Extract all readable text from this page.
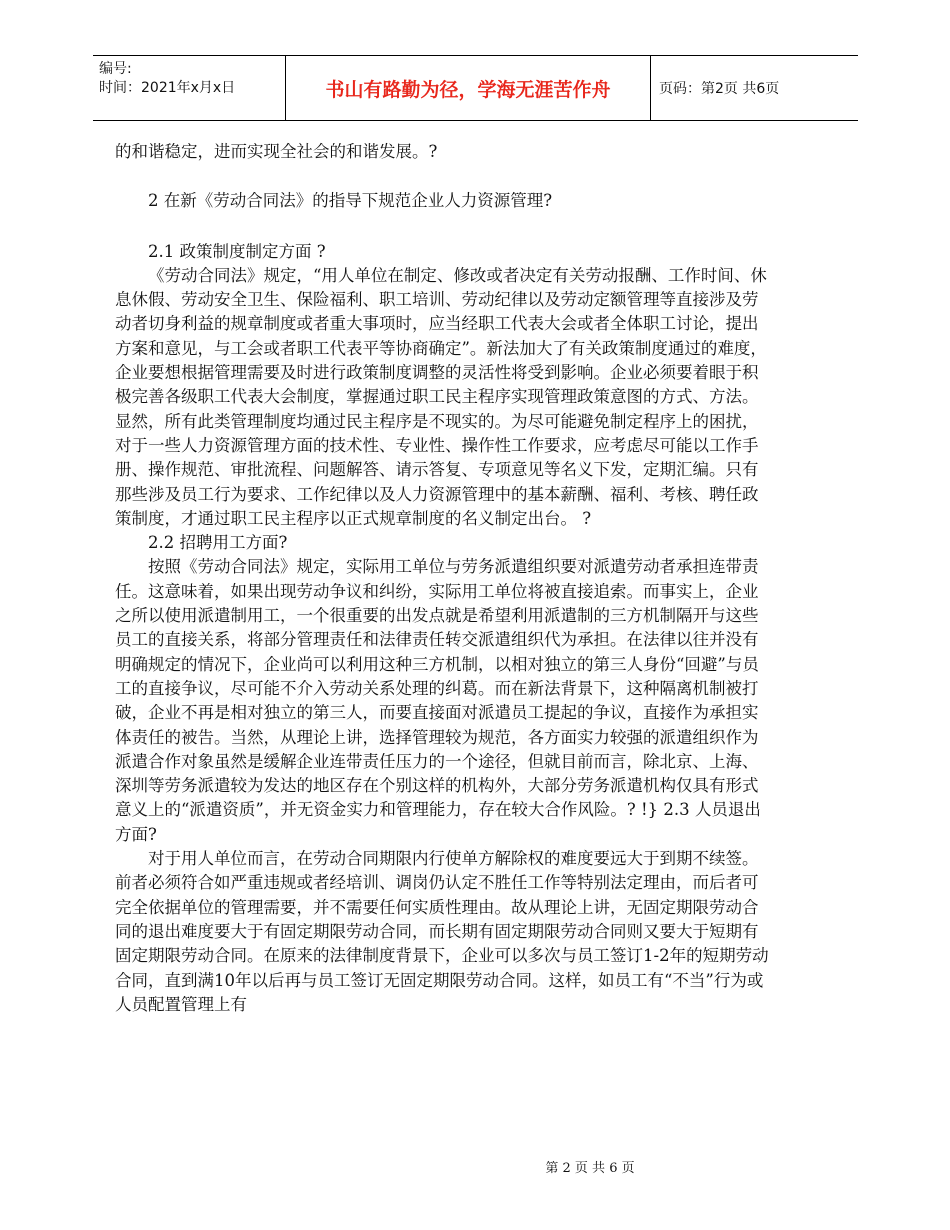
编号:
时间：2021年x月x日	书山有路勤为径，学海无涯苦作舟	页码：第2页 共6页

的和谐稳定，进而实现全社会的和谐发展。?

2 在新《劳动合同法》的指导下规范企业人力资源管理?

2.1 政策制度制定方面 ?

《劳动合同法》规定，“用人单位在制定、修改或者决定有关劳动报酬、工作时间、休息休假、劳动安全卫生、保险福利、职工培训、劳动纪律以及劳动定额管理等直接涉及劳动者切身利益的规章制度或者重大事项时，应当经职工代表大会或者全体职工讨论，提出方案和意见，与工会或者职工代表平等协商确定”。新法加大了有关政策制度通过的难度，企业要想根据管理需要及时进行政策制度调整的灵活性将受到影响。企业必须要着眼于积极完善各级职工代表大会制度，掌握通过职工民主程序实现管理政策意图的方式、方法。显然，所有此类管理制度均通过民主程序是不现实的。为尽可能避免制定程序上的困扰，对于一些人力资源管理方面的技术性、专业性、操作性工作要求，应考虑尽可能以工作手册、操作规范、审批流程、问题解答、请示答复、专项意见等名义下发，定期汇编。只有那些涉及员工行为要求、工作纪律以及人力资源管理中的基本薪酬、福利、考核、聘任政策制度，才通过职工民主程序以正式规章制度的名义制定出台。 ?

2.2 招聘用工方面?

按照《劳动合同法》规定，实际用工单位与劳务派遣组织要对派遣劳动者承担连带责任。这意味着，如果出现劳动争议和纠纷，实际用工单位将被直接追索。而事实上，企业之所以使用派遣制用工，一个很重要的出发点就是希望利用派遣制的三方机制隔开与这些员工的直接关系，将部分管理责任和法律责任转交派遣组织代为承担。在法律以往并没有明确规定的情况下，企业尚可以利用这种三方机制，以相对独立的第三人身份“回避”与员工的直接争议，尽可能不介入劳动关系处理的纠葛。而在新法背景下，这种隔离机制被打破，企业不再是相对独立的第三人，而要直接面对派遣员工提起的争议，直接作为承担实体责任的被告。当然，从理论上讲，选择管理较为规范，各方面实力较强的派遣组织作为派遣合作对象虽然是缓解企业连带责任压力的一个途径，但就目前而言，除北京、上海、深圳等劳务派遣较为发达的地区存在个别这样的机构外，大部分劳务派遣机构仅具有形式意义上的“派遣资质”，并无资金实力和管理能力，存在较大合作风险。? !} 2.3 人员退出方面?

对于用人单位而言，在劳动合同期限内行使单方解除权的难度要远大于到期不续签。前者必须符合如严重违规或者经培训、调岗仍认定不胜任工作等特别法定理由，而后者可完全依据单位的管理需要，并不需要任何实质性理由。故从理论上讲，无固定期限劳动合同的退出难度要大于有固定期限劳动合同，而长期有固定期限劳动合同则又要大于短期有固定期限劳动合同。在原来的法律制度背景下，企业可以多次与员工签订1-2年的短期劳动合同，直到满10年以后再与员工签订无固定期限劳动合同。这样，如员工有“不当”行为或人员配置管理上有

第 2 页 共 6 页
